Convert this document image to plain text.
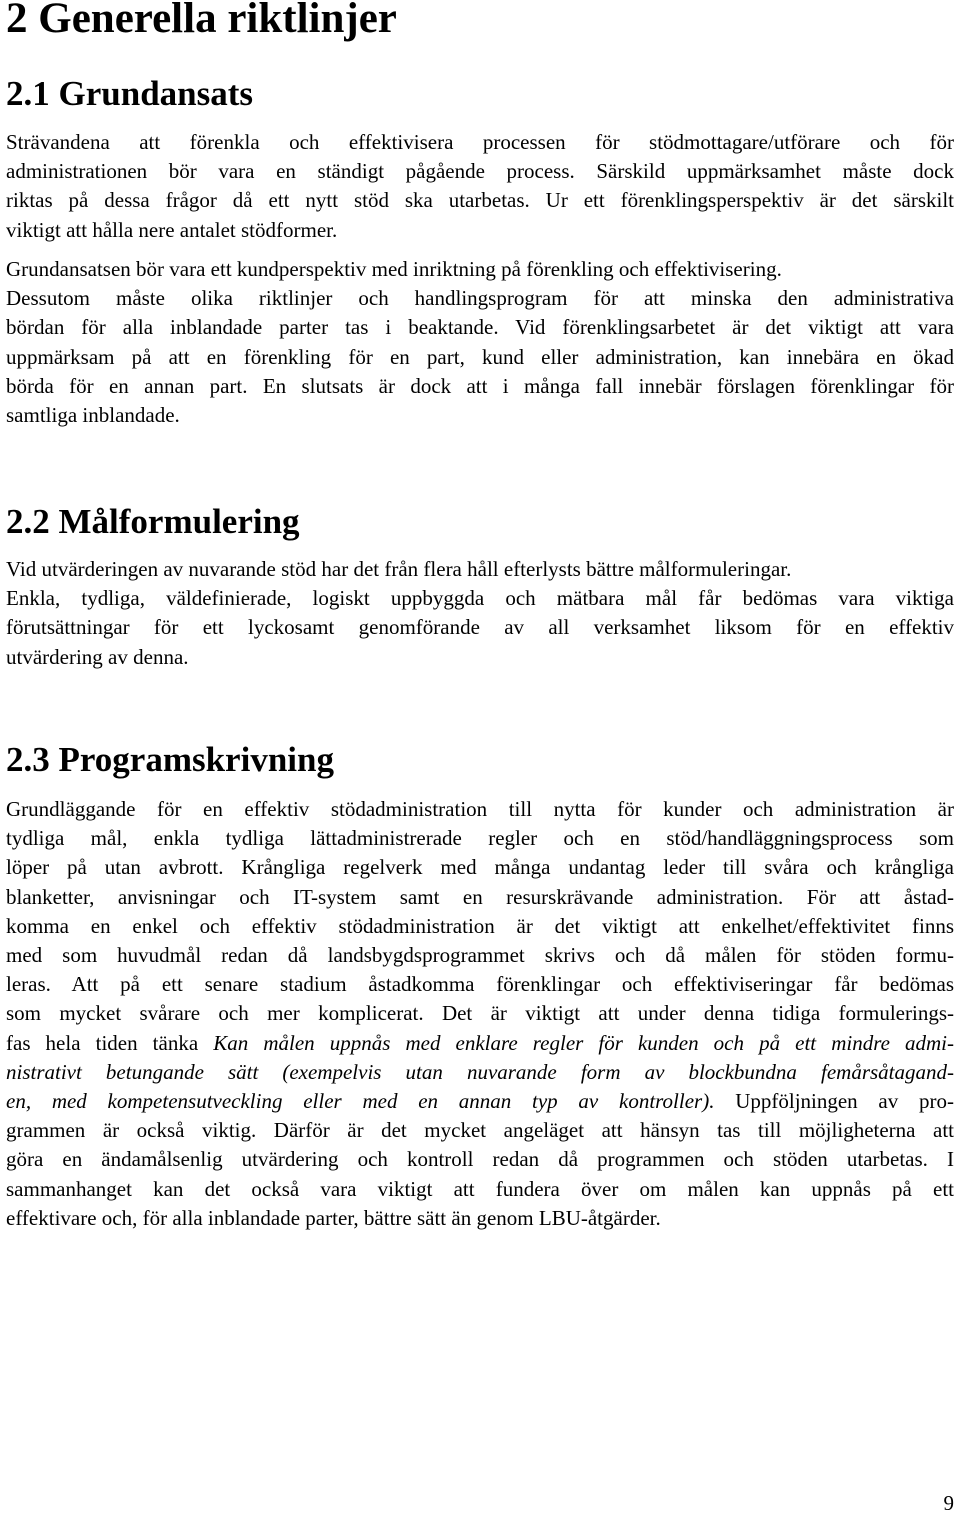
2 Generella riktlinjer
2.1 Grundansats
Strävandena att förenkla och effektivisera processen för stödmottagare/utförare och för
administrationen bör vara en ständigt pågående process. Särskild uppmärksamhet måste dock
riktas på dessa frågor då ett nytt stöd ska utarbetas. Ur ett förenklingsperspektiv är det särskilt
viktigt att hålla nere antalet stödformer.
Grundansatsen bör vara ett kundperspektiv med inriktning på förenkling och effektivisering.
Dessutom måste olika riktlinjer och handlingsprogram för att minska den administrativa
bördan för alla inblandade parter tas i beaktande. Vid förenklingsarbetet är det viktigt att vara
uppmärksam på att en förenkling för en part, kund eller administration, kan innebära en ökad
börda för en annan part. En slutsats är dock att i många fall innebär förslagen förenklingar för
samtliga inblandade.
2.2 Målformulering
Vid utvärderingen av nuvarande stöd har det från flera håll efterlysts bättre målformuleringar.
Enkla, tydliga, väldefinierade, logiskt uppbyggda och mätbara mål får bedömas vara viktiga
förutsättningar för ett lyckosamt genomförande av all verksamhet liksom för en effektiv
utvärdering av denna.
2.3 Programskrivning
Grundläggande för en effektiv stödadministration till nytta för kunder och administration är
tydliga mål, enkla tydliga lättadministrerade regler och en stöd/handläggningsprocess som
löper på utan avbrott. Krångliga regelverk med många undantag leder till svåra och krångliga
blanketter, anvisningar och IT-system samt en resurskrävande administration. För att åstad-
komma en enkel och effektiv stödadministration är det viktigt att enkelhet/effektivitet finns
med som huvudmål redan då landsbygdsprogrammet skrivs och då målen för stöden formu-
leras. Att på ett senare stadium åstadkomma förenklingar och effektiviseringar får bedömas
som mycket svårare och mer komplicerat. Det är viktigt att under denna tidiga formulerings-
fas hela tiden tänka Kan målen uppnås med enklare regler för kunden och på ett mindre admi-
nistrativt betungande sätt (exempelvis utan nuvarande form av blockbundna femårsåtagand-
en, med kompetensutveckling eller med en annan typ av kontroller). Uppföljningen av pro-
grammen är också viktig. Därför är det mycket angeläget att hänsyn tas till möjligheterna att
göra en ändamålsenlig utvärdering och kontroll redan då programmen och stöden utarbetas. I
sammanhanget kan det också vara viktigt att fundera över om målen kan uppnås på ett
effektivare och, för alla inblandade parter, bättre sätt än genom LBU-åtgärder.
9
